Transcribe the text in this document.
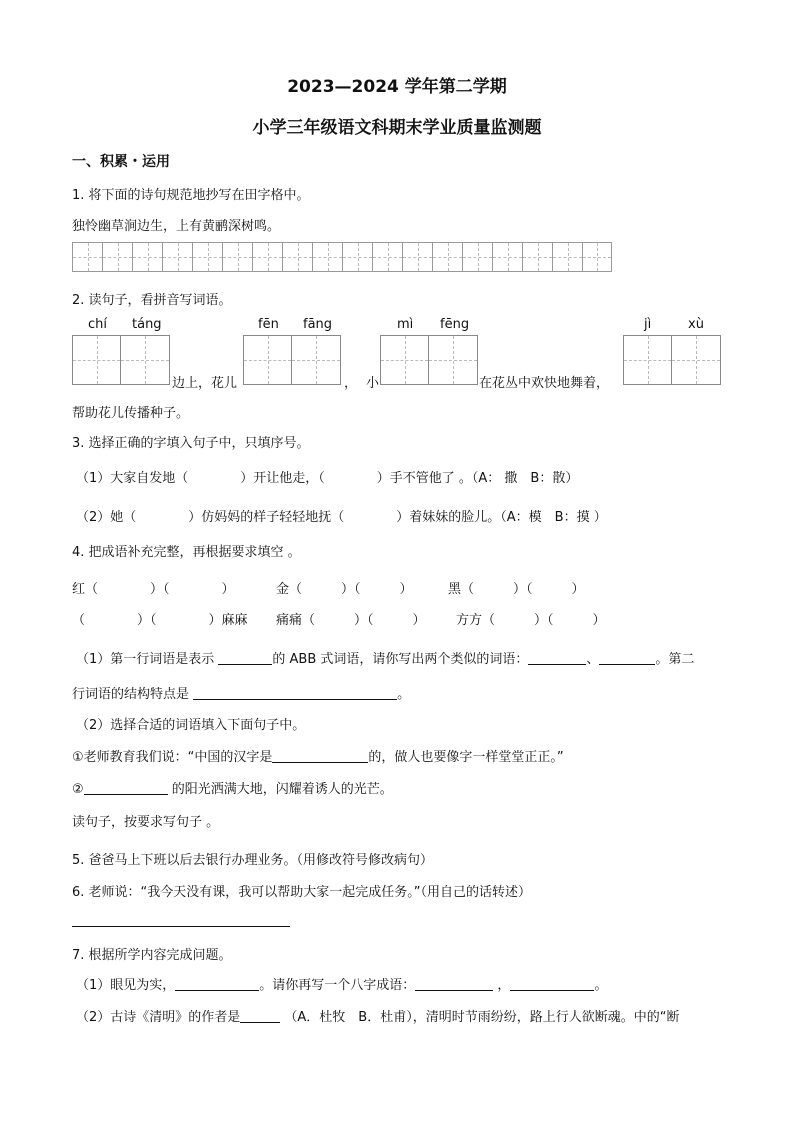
2023—2024 学年第二学期
小学三年级语文科期末学业质量监测题
一、积累・运用
1. 将下面的诗句规范地抄写在田字格中。
独怜幽草涧边生，上有黄鹂深树鸣。
2. 读句子，看拼音写词语。
chí táng
边上，花儿
fēn fāng
， 小
mì fēng
在花丛中欢快地舞着，
jì	xù
帮助花儿传播种子。
3. 选择正确的字填入句子中，只填序号。
（1）大家自发地（　　　　）开让他走，（　　　　）手不管他了 。（A： 撒　B：散）
（2）她（　　　　）仿妈妈的样子轻轻地抚（　　　　）着妹妹的脸儿。（A：模　B：摸 ）
4. 把成语补充完整，再根据要求填空 。
红（　　　　）（　　　　）	金（　　　）（　　　）	黑（　　　）（　　　）
（　　　　）（　　　　）麻麻 痛痛（　　　）（　　　） 方方（　　　）（　　　）
（1）第一行词语是表示	的 ABB 式词语，请你写出两个类似的词语：	、	。第二
行词语的结构特点是	。
（2）选择合适的词语填入下面句子中。
①老师教育我们说：“中国的汉字是	的，做人也要像字一样堂堂正正。”
②	的阳光洒满大地，闪耀着诱人的光芒。
读句子，按要求写句子 。
5. 爸爸马上下班以后去银行办理业务。（用修改符号修改病句）
6. 老师说：“我今天没有课，我可以帮助大家一起完成任务。”（用自己的话转述）
7. 根据所学内容完成问题。
（1）眼见为实，	。请你再写一个八字成语：	，	。
（2）古诗《清明》的作者是	（A．杜牧　B．杜甫），清明时节雨纷纷，路上行人欲断魂。中的“断
